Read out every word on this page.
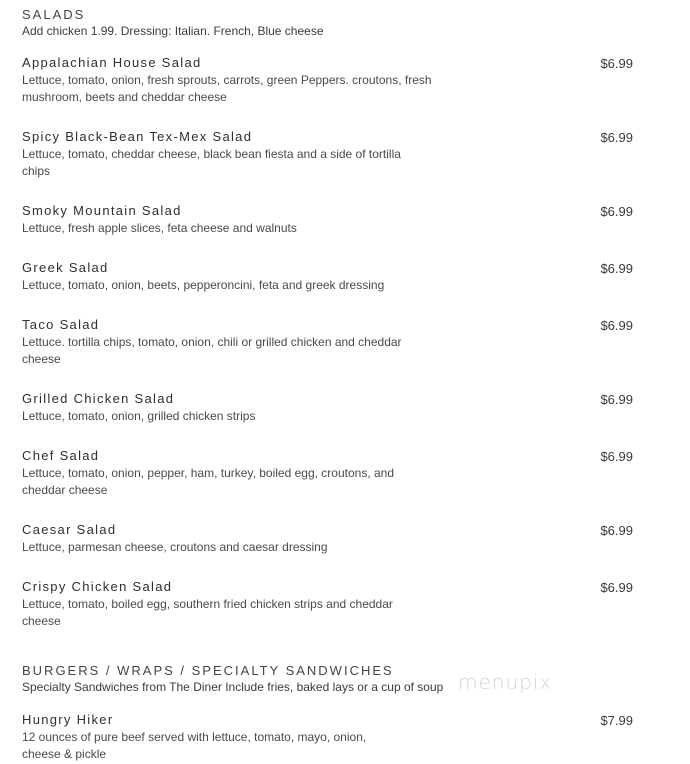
SALADS
Add chicken 1.99. Dressing: Italian. French, Blue cheese
Appalachian House Salad
Lettuce, tomato, onion, fresh sprouts, carrots, green Peppers. croutons, fresh mushroom, beets and cheddar cheese
$6.99
Spicy Black-Bean Tex-Mex Salad
Lettuce, tomato, cheddar cheese, black bean fiesta and a side of tortilla chips
$6.99
Smoky Mountain Salad
Lettuce, fresh apple slices, feta cheese and walnuts
$6.99
Greek Salad
Lettuce, tomato, onion, beets, pepperoncini, feta and greek dressing
$6.99
Taco Salad
Lettuce. tortilla chips, tomato, onion, chili or grilled chicken and cheddar cheese
$6.99
Grilled Chicken Salad
Lettuce, tomato, onion, grilled chicken strips
$6.99
Chef Salad
Lettuce, tomato, onion, pepper, ham, turkey, boiled egg, croutons, and cheddar cheese
$6.99
Caesar Salad
Lettuce, parmesan cheese, croutons and caesar dressing
$6.99
Crispy Chicken Salad
Lettuce, tomato, boiled egg, southern fried chicken strips and cheddar cheese
$6.99
BURGERS / WRAPS / SPECIALTY SANDWICHES
Specialty Sandwiches from The Diner Include fries, baked lays or a cup of soup menupix
Hungry Hiker
12 ounces of pure beef served with lettuce, tomato, mayo, onion, cheese & pickle
$7.99
